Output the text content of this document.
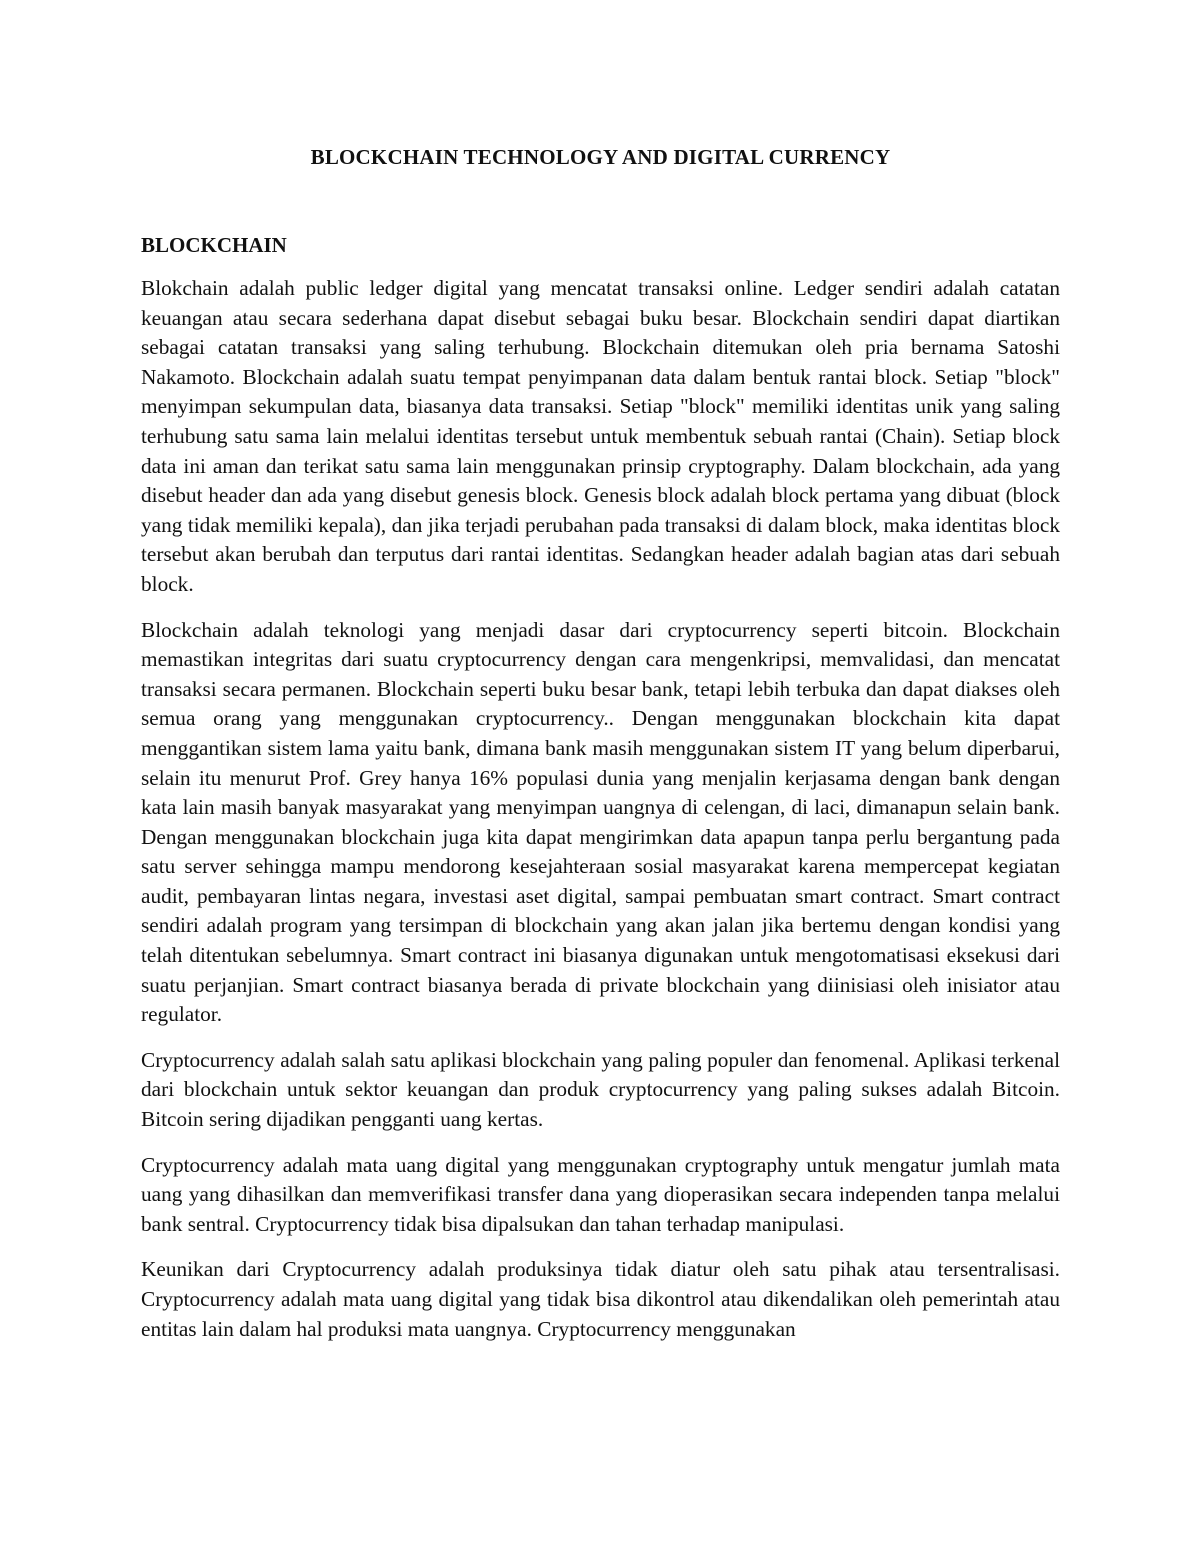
BLOCKCHAIN TECHNOLOGY AND DIGITAL CURRENCY
BLOCKCHAIN

Blokchain adalah public ledger digital yang mencatat transaksi online. Ledger sendiri adalah catatan keuangan atau secara sederhana dapat disebut sebagai buku besar. Blockchain sendiri dapat diartikan sebagai catatan transaksi yang saling terhubung. Blockchain ditemukan oleh pria bernama Satoshi Nakamoto. Blockchain adalah suatu tempat penyimpanan data dalam bentuk rantai block. Setiap "block" menyimpan sekumpulan data, biasanya data transaksi. Setiap "block" memiliki identitas unik yang saling terhubung satu sama lain melalui identitas tersebut untuk membentuk sebuah rantai (Chain). Setiap block data ini aman dan terikat satu sama lain menggunakan prinsip cryptography. Dalam blockchain, ada yang disebut header dan ada yang disebut genesis block. Genesis block adalah block pertama yang dibuat (block yang tidak memiliki kepala), dan jika terjadi perubahan pada transaksi di dalam block, maka identitas block tersebut akan berubah dan terputus dari rantai identitas. Sedangkan header adalah bagian atas dari sebuah block.

Blockchain adalah teknologi yang menjadi dasar dari cryptocurrency seperti bitcoin. Blockchain memastikan integritas dari suatu cryptocurrency dengan cara mengenkripsi, memvalidasi, dan mencatat transaksi secara permanen. Blockchain seperti buku besar bank, tetapi lebih terbuka dan dapat diakses oleh semua orang yang menggunakan cryptocurrency.. Dengan menggunakan blockchain kita dapat menggantikan sistem lama yaitu bank, dimana bank masih menggunakan sistem IT yang belum diperbarui, selain itu menurut Prof. Grey hanya 16% populasi dunia yang menjalin kerjasama dengan bank dengan kata lain masih banyak masyarakat yang menyimpan uangnya di celengan, di laci, dimanapun selain bank. Dengan menggunakan blockchain juga kita dapat mengirimkan data apapun tanpa perlu bergantung pada satu server sehingga mampu mendorong kesejahteraan sosial masyarakat karena mempercepat kegiatan audit, pembayaran lintas negara, investasi aset digital, sampai pembuatan smart contract. Smart contract sendiri adalah program yang tersimpan di blockchain yang akan jalan jika bertemu dengan kondisi yang telah ditentukan sebelumnya. Smart contract ini biasanya digunakan untuk mengotomatisasi eksekusi dari suatu perjanjian. Smart contract biasanya berada di private blockchain yang diinisiasi oleh inisiator atau regulator.

Cryptocurrency adalah salah satu aplikasi blockchain yang paling populer dan fenomenal. Aplikasi terkenal dari blockchain untuk sektor keuangan dan produk cryptocurrency yang paling sukses adalah Bitcoin. Bitcoin sering dijadikan pengganti uang kertas.

Cryptocurrency adalah mata uang digital yang menggunakan cryptography untuk mengatur jumlah mata uang yang dihasilkan dan memverifikasi transfer dana yang dioperasikan secara independen tanpa melalui bank sentral. Cryptocurrency tidak bisa dipalsukan dan tahan terhadap manipulasi.

Keunikan dari Cryptocurrency adalah produksinya tidak diatur oleh satu pihak atau tersentralisasi. Cryptocurrency adalah mata uang digital yang tidak bisa dikontrol atau dikendalikan oleh pemerintah atau entitas lain dalam hal produksi mata uangnya. Cryptocurrency menggunakan
